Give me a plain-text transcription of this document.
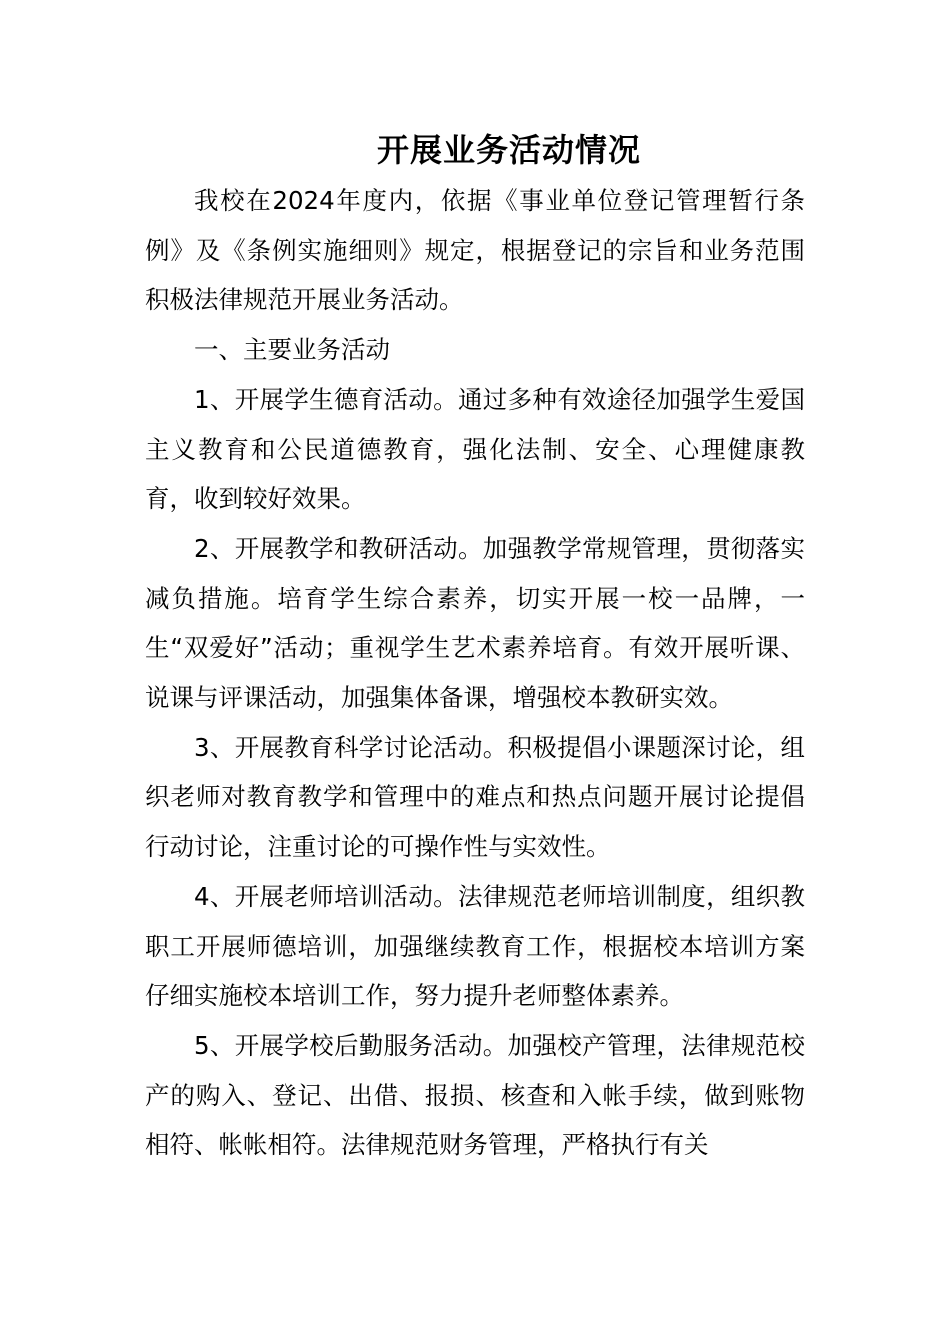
开展业务活动情况

我校在2024年度内，依据《事业单位登记管理暂行条例》及《条例实施细则》规定，根据登记的宗旨和业务范围积极法律规范开展业务活动。

一、主要业务活动

1、开展学生德育活动。通过多种有效途径加强学生爱国主义教育和公民道德教育，强化法制、安全、心理健康教育，收到较好效果。

2、开展教学和教研活动。加强教学常规管理，贯彻落实减负措施。培育学生综合素养，切实开展一校一品牌，一生“双爱好”活动；重视学生艺术素养培育。有效开展听课、说课与评课活动，加强集体备课，增强校本教研实效。

3、开展教育科学讨论活动。积极提倡小课题深讨论，组织老师对教育教学和管理中的难点和热点问题开展讨论提倡行动讨论，注重讨论的可操作性与实效性。

4、开展老师培训活动。法律规范老师培训制度，组织教职工开展师德培训，加强继续教育工作，根据校本培训方案仔细实施校本培训工作，努力提升老师整体素养。

5、开展学校后勤服务活动。加强校产管理，法律规范校产的购入、登记、出借、报损、核查和入帐手续，做到账物相符、帐帐相符。法律规范财务管理，严格执行有关
